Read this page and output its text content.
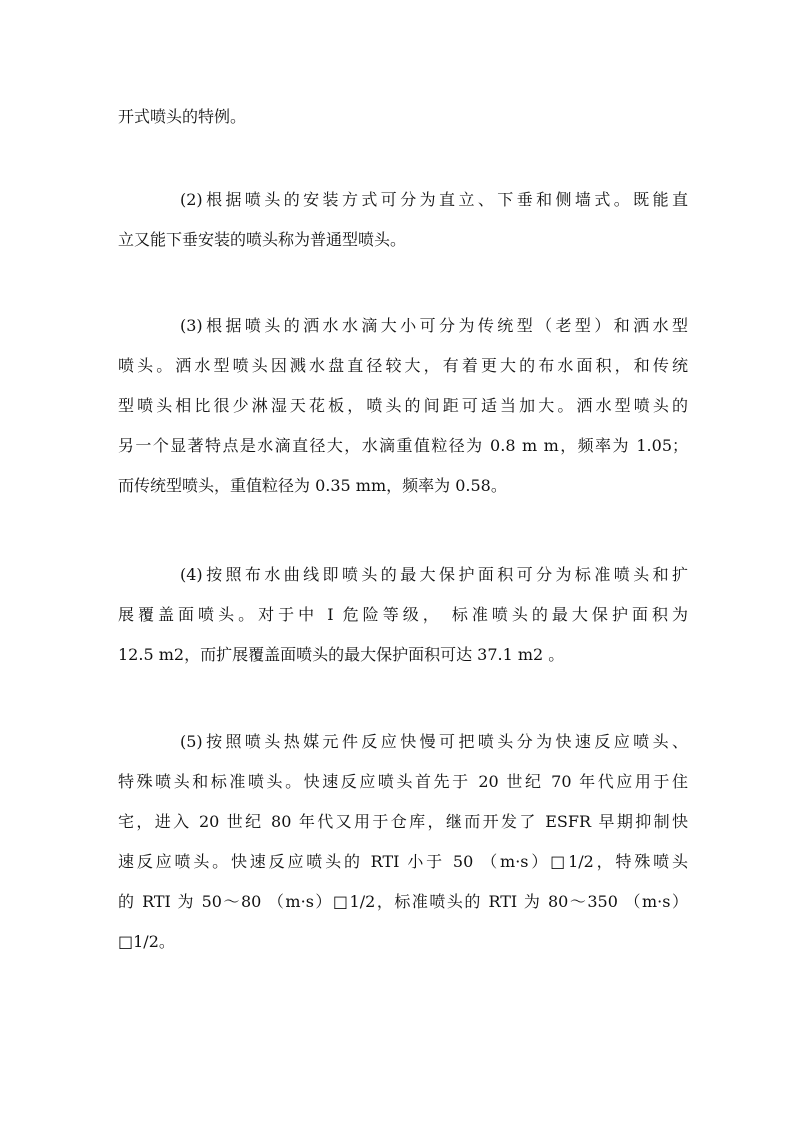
开式喷头的特例。
(2)根据喷头的安装方式可分为直立、下垂和侧墙式。既能直
立又能下垂安装的喷头称为普通型喷头。
(3)根据喷头的洒水水滴大小可分为传统型（老型）和洒水型
喷头。洒水型喷头因溅水盘直径较大，有着更大的布水面积，和传统
型喷头相比很少淋湿天花板，喷头的间距可适当加大。洒水型喷头的
另一个显著特点是水滴直径大，水滴重值粒径为 0.8 m m，频率为 1.05；
而传统型喷头，重值粒径为 0.35 mm，频率为 0.58。
(4)按照布水曲线即喷头的最大保护面积可分为标准喷头和扩
展覆盖面喷头。对于中 I 危险等级， 标准喷头的最大保护面积为
12.5 m2，而扩展覆盖面喷头的最大保护面积可达 37.1 m2 。
(5)按照喷头热媒元件反应快慢可把喷头分为快速反应喷头、
特殊喷头和标准喷头。快速反应喷头首先于 20 世纪 70 年代应用于住
宅，进入 20 世纪 80 年代又用于仓库，继而开发了 ESFR 早期抑制快
速反应喷头。快速反应喷头的 RTI 小于 50 （m·s）□1/2，特殊喷头
的 RTI 为 50～80 （m·s）□1/2，标准喷头的 RTI 为 80～350 （m·s）
□1/2。
